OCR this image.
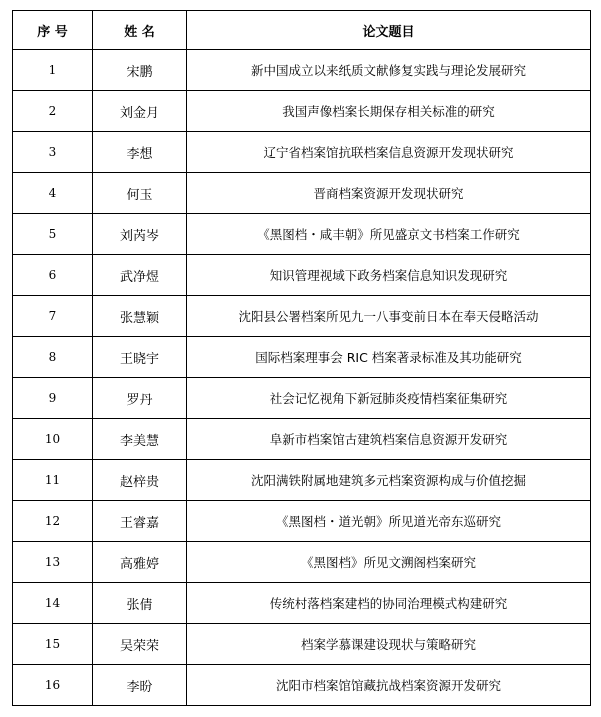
序 号	姓 名	论文题目
1	宋鹏	新中国成立以来纸质文献修复实践与理论发展研究
2	刘金月	我国声像档案长期保存相关标准的研究
3	李想	辽宁省档案馆抗联档案信息资源开发现状研究
4	何玉	晋商档案资源开发现状研究
5	刘芮岑	《黑图档・咸丰朝》所见盛京文书档案工作研究
6	武净煜	知识管理视域下政务档案信息知识发现研究
7	张慧颖	沈阳县公署档案所见九一八事变前日本在奉天侵略活动
8	王晓宇	国际档案理事会 RIC 档案著录标准及其功能研究
9	罗丹	社会记忆视角下新冠肺炎疫情档案征集研究
10	李美慧	阜新市档案馆古建筑档案信息资源开发研究
11	赵梓贵	沈阳满铁附属地建筑多元档案资源构成与价值挖掘
12	王睿嘉	《黑图档・道光朝》所见道光帝东巡研究
13	高雅婷	《黑图档》所见文溯阁档案研究
14	张倩	传统村落档案建档的协同治理模式构建研究
15	吴荣荣	档案学慕课建设现状与策略研究
16	李昐	沈阳市档案馆馆藏抗战档案资源开发研究
